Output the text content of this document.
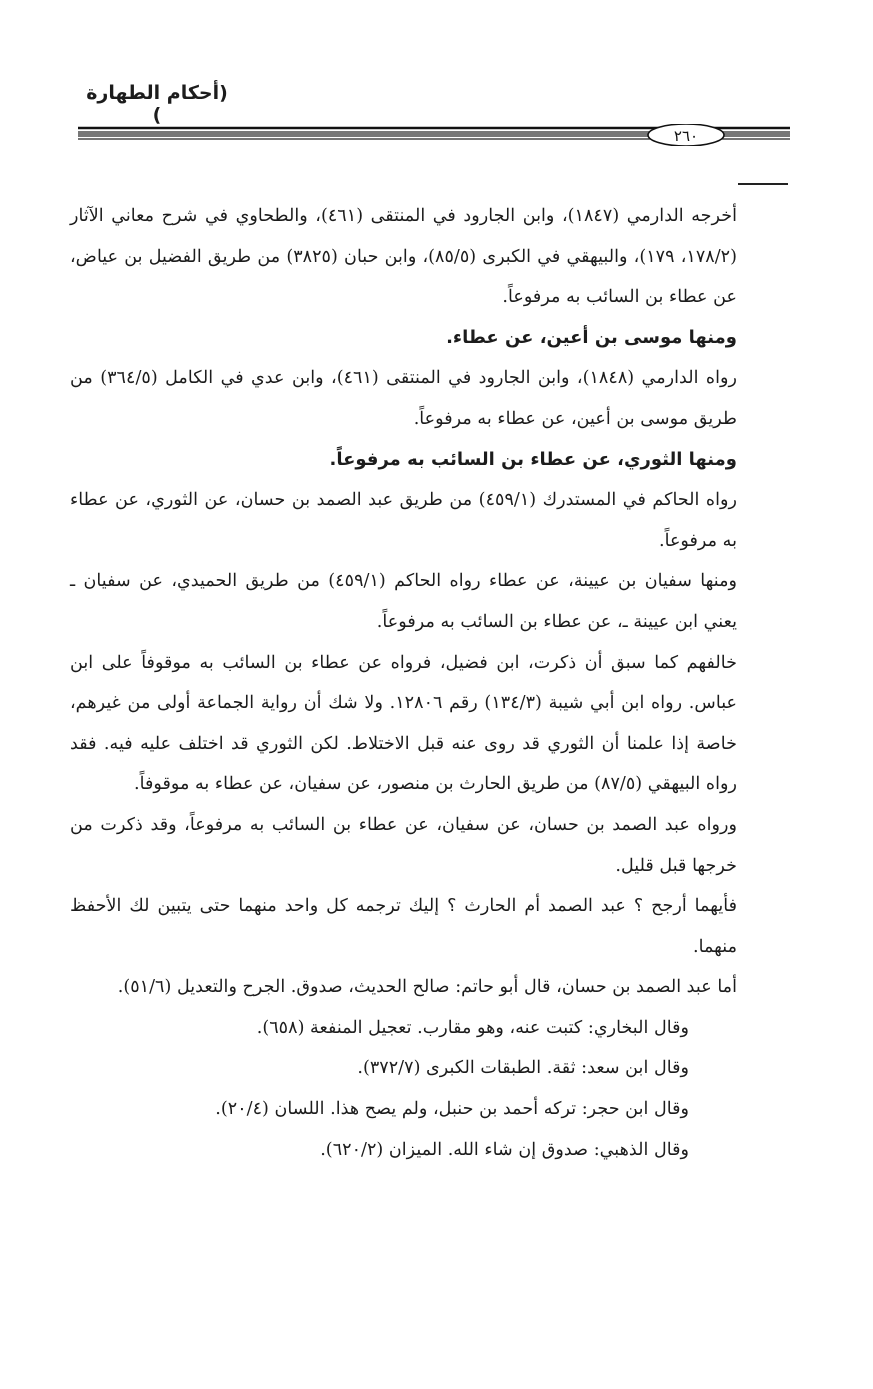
(أحكام الطهارة )
٢٦٠

أخرجه الدارمي (١٨٤٧)، وابن الجارود في المنتقى (٤٦١)، والطحاوي في شرح معاني الآثار (١٧٨/٢، ١٧٩)، والبيهقي في الكبرى (٨٥/٥)، وابن حبان (٣٨٢٥) من طريق الفضيل بن عياض، عن عطاء بن السائب به مرفوعاً.

ومنها موسى بن أعين، عن عطاء.

رواه الدارمي (١٨٤٨)، وابن الجارود في المنتقى (٤٦١)، وابن عدي في الكامل (٣٦٤/٥) من طريق موسى بن أعين، عن عطاء به مرفوعاً.

ومنها الثوري، عن عطاء بن السائب به مرفوعاً.

رواه الحاكم في المستدرك (٤٥٩/١) من طريق عبد الصمد بن حسان، عن الثوري، عن عطاء به مرفوعاً.

ومنها سفيان بن عيينة، عن عطاء رواه الحاكم (٤٥٩/١) من طريق الحميدي، عن سفيان ـ يعني ابن عيينة ـ، عن عطاء بن السائب به مرفوعاً.

خالفهم كما سبق أن ذكرت، ابن فضيل، فرواه عن عطاء بن السائب به موقوفاً على ابن عباس. رواه ابن أبي شيبة (١٣٤/٣) رقم ١٢٨٠٦. ولا شك أن رواية الجماعة أولى من غيرهم، خاصة إذا علمنا أن الثوري قد روى عنه قبل الاختلاط. لكن الثوري قد اختلف عليه فيه. فقد رواه البيهقي (٨٧/٥) من طريق الحارث بن منصور، عن سفيان، عن عطاء به موقوفاً.

ورواه عبد الصمد بن حسان، عن سفيان، عن عطاء بن السائب به مرفوعاً، وقد ذكرت من خرجها قبل قليل.

فأيهما أرجح ؟ عبد الصمد أم الحارث ؟ إليك ترجمه كل واحد منهما حتى يتبين لك الأحفظ منهما.

أما عبد الصمد بن حسان، قال أبو حاتم: صالح الحديث، صدوق. الجرح والتعديل (٥١/٦).

وقال البخاري: كتبت عنه، وهو مقارب. تعجيل المنفعة (٦٥٨).

وقال ابن سعد: ثقة. الطبقات الكبرى (٣٧٢/٧).

وقال ابن حجر: تركه أحمد بن حنبل، ولم يصح هذا. اللسان (٢٠/٤).

وقال الذهبي: صدوق إن شاء الله. الميزان (٦٢٠/٢).
